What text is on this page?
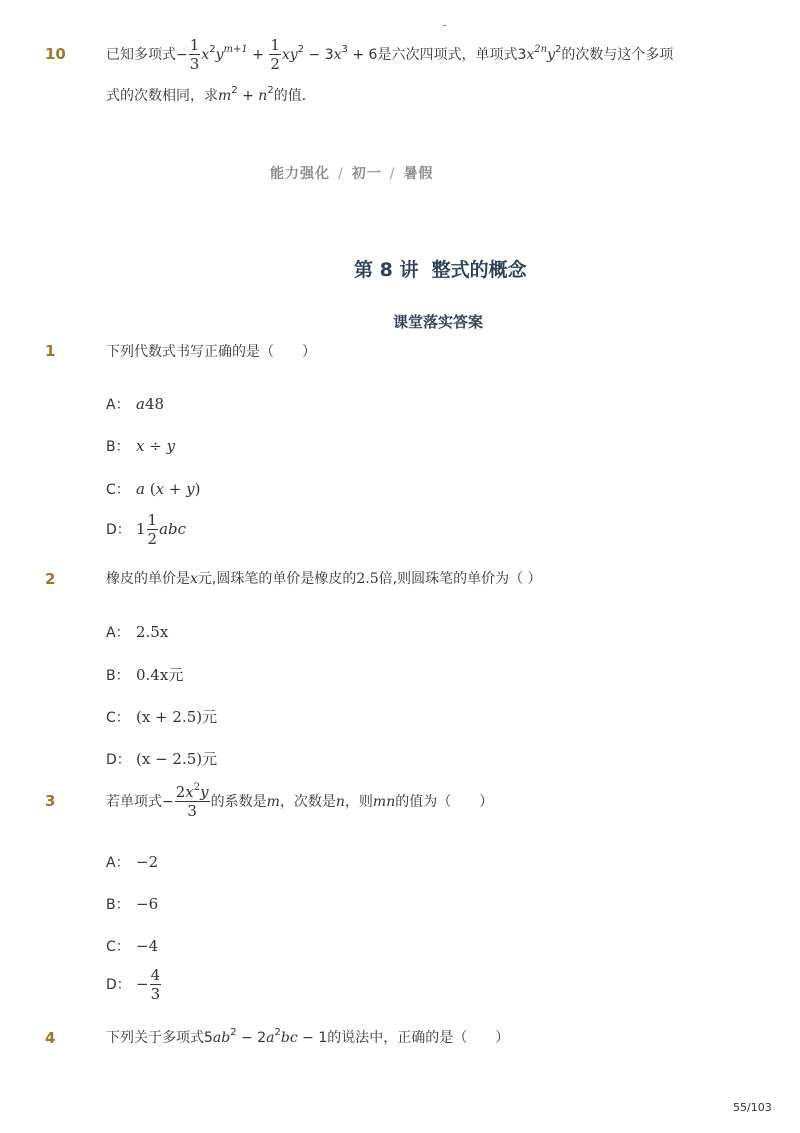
10	已知多项式− $\frac{1}{3} x^2y^{m+1} + \frac{1}{2} xy^2 - 3x^3 + 6$是六次四项式，单项式$3x^{2n}y^2$的次数与这个多项
式的次数相同，求$m^2 + n^2$的值．
能力强化 / 初一 / 暑假
第 8 讲  整式的概念
课堂落实答案
1	下列代数式书写正确的是（　　）
A： a48
B： x ÷ y
C： a (x + y)
D： $1 \frac{1}{2}$ abc
2	橡皮的单价是x元,圆珠笔的单价是橡皮的2.5倍,则圆珠笔的单价为（ ）
A： 2.5x
B： 0.4x元
C： (x + 2.5)元
D： (x − 2.5)元
3	若单项式− $\frac{2x^2y}{3}$ 的系数是m，次数是n，则mn的值为（　　）
A： −2
B： −6
C： −4
D： − $\frac{4}{3}$
4	下列关于多项式$5ab^2 - 2a^2bc - 1$的说法中，正确的是（　　）
55/103
